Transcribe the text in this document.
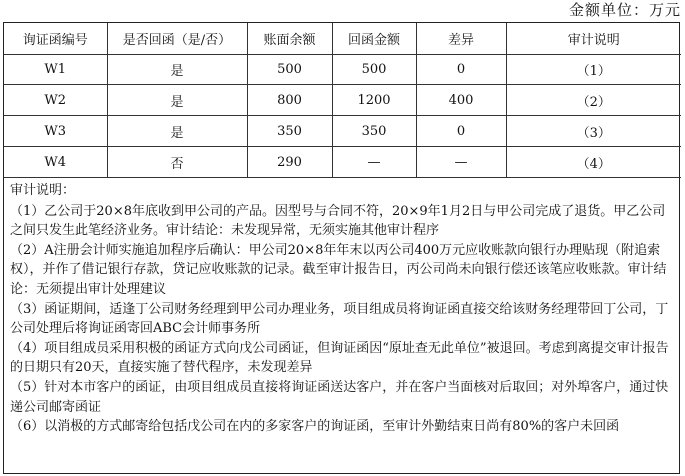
金额单位：万元
询证函编号	是否回函（是/否）	账面余额	回函金额	差异	审计说明
W1	是	500	500	0	（1）
W2	是	800	1200	400	（2）
W3	是	350	350	0	（3）
W4	否	290	—	—	（4）

审计说明：

（1）乙公司于20×8年底收到甲公司的产品。因型号与合同不符，20×9年1月2日与甲公司完成了退货。甲乙公司之间只发生此笔经济业务。审计结论：未发现异常，无须实施其他审计程序

（2）A注册会计师实施追加程序后确认：甲公司20×8年年末以丙公司400万元应收账款向银行办理贴现（附追索权），并作了借记银行存款，贷记应收账款的记录。截至审计报告日，丙公司尚未向银行偿还该笔应收账款。审计结论：无须提出审计处理建议

（3）函证期间，适逢丁公司财务经理到甲公司办理业务，项目组成员将询证函直接交给该财务经理带回丁公司，丁公司处理后将询证函寄回ABC会计师事务所

（4）项目组成员采用积极的函证方式向戊公司函证，但询证函因“原址查无此单位”被退回。考虑到离提交审计报告的日期只有20天，直接实施了替代程序，未发现差异

（5）针对本市客户的函证，由项目组成员直接将询证函送达客户，并在客户当面核对后取回；对外埠客户，通过快递公司邮寄函证

（6）以消极的方式邮寄给包括戊公司在内的多家客户的询证函，至审计外勤结束日尚有80%的客户未回函
